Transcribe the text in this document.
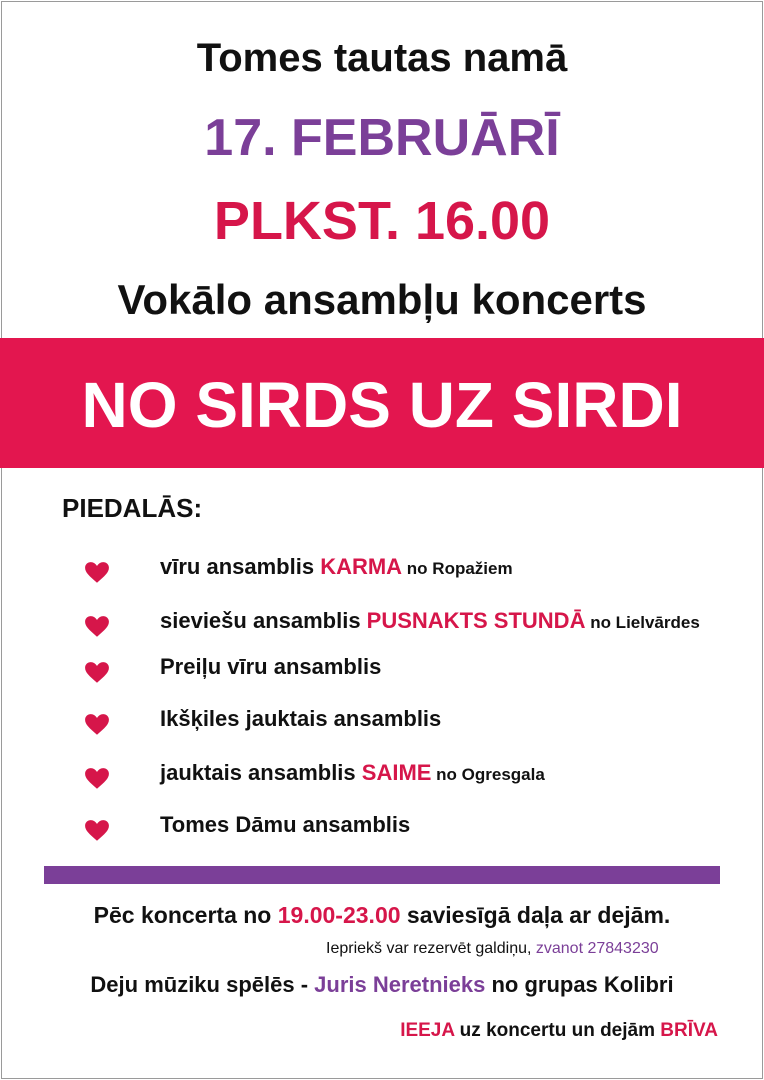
Tomes tautas namā
17. FEBRUĀRĪ
PLKST. 16.00
Vokālo ansambļu koncerts
NO SIRDS UZ SIRDI
PIEDALĀS:
vīru ansamblis KARMA no Ropažiem
sieviešu ansamblis PUSNAKTS STUNDĀ no Lielvārdes
Preiļu vīru ansamblis
Ikšķiles jauktais ansamblis
jauktais ansamblis SAIME no Ogresgala
Tomes Dāmu ansamblis
Pēc koncerta no 19.00-23.00 saviesīgā daļa ar dejām.
Iepriekš var rezervēt galdiņu, zvanot 27843230
Deju mūziku spēlēs - Juris Neretnieks no grupas Kolibri
IEEJA uz koncertu un dejām BRĪVA
